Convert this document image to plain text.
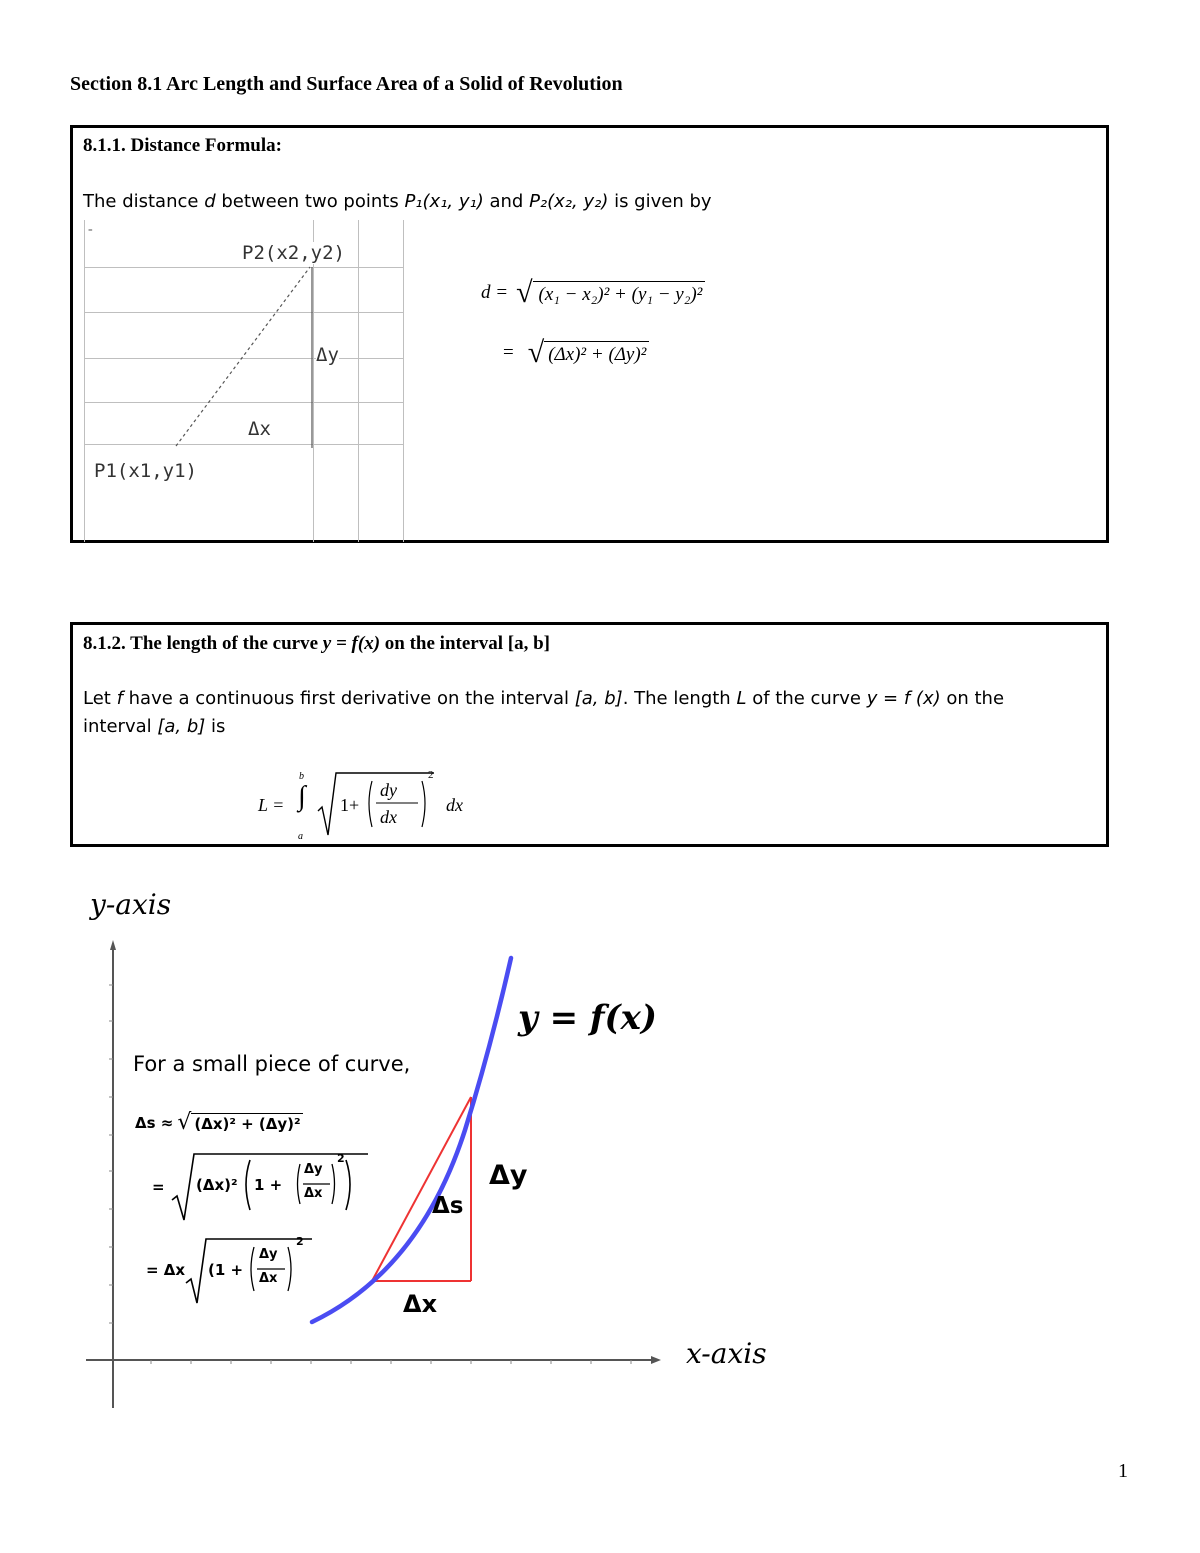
Section 8.1 Arc Length and Surface Area of a Solid of Revolution
8.1.1. Distance Formula:
The distance d between two points P₁(x₁, y₁) and P₂(x₂, y₂) is given by
-
P2(x2,y2)
Δy
Δx
P1(x1,y1)
d = √ (x₁ − x₂)² + (y₁ − y₂)²
= √ (Δx)² + (Δy)²
8.1.2. The length of the curve y = f(x) on the interval [a, b]
Let f have a continuous first derivative on the interval [a, b]. The length L of the curve y = f (x) on the
interval [a, b] is
L = ∫
b
a
1+
dy
dx
2
dx
y-axis
x-axis
y = f(x)
For a small piece of curve,
Δy
Δs
Δx
Δs ≈ √ (Δx)² + (Δy)²
= (Δx)² 1 +
Δy
Δx
2
= Δx (1 +
Δy
Δx
2
1
